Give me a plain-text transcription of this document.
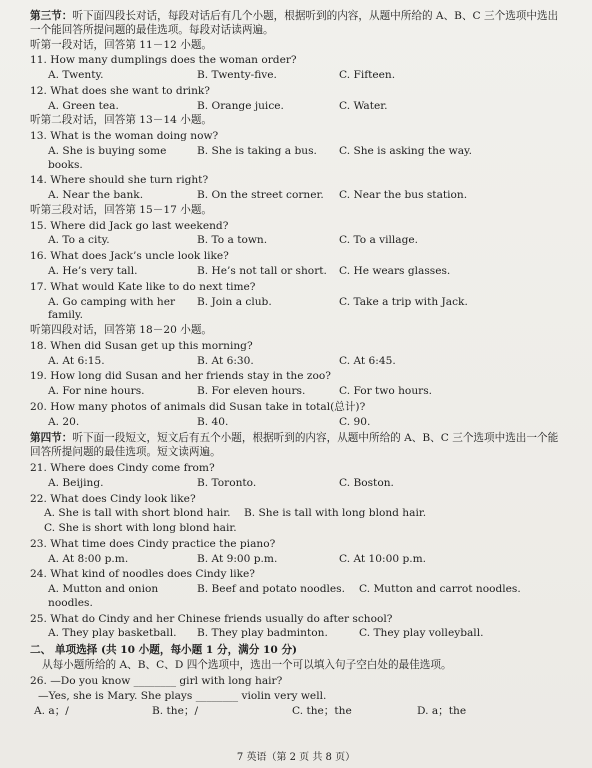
第三节：听下面四段长对话，每段对话后有几个小题，根据听到的内容，从题中所给的 A、B、C 三个选项中选出一个能回答所提问题的最佳选项。每段对话读两遍。

听第一段对话，回答第 11－12 小题。

11. How many dumplings does the woman order?
A. Twenty.	B. Twenty-five.	C. Fifteen.
12. What does she want to drink?
A. Green tea.	B. Orange juice.	C. Water.

听第二段对话，回答第 13－14 小题。

13. What is the woman doing now?
A. She is buying some books.
B. She is taking a bus.	C. She is asking the way.
14. Where should she turn right?
A. Near the bank.	B. On the street corner.	C. Near the bus station.

听第三段对话，回答第 15－17 小题。

15. Where did Jack go last weekend?
A. To a city.	B. To a town.	C. To a village.
16. What does Jack’s uncle look like?
A. He’s very tall.	B. He’s not tall or short.	C. He wears glasses.
17. What would Kate like to do next time?
A. Go camping with her family.
B. Join a club.	C. Take a trip with Jack.

听第四段对话，回答第 18－20 小题。

18. When did Susan get up this morning?
A. At 6:15.	B. At 6:30.	C. At 6:45.
19. How long did Susan and her friends stay in the zoo?
A. For nine hours.	B. For eleven hours.	C. For two hours.
20. How many photos of animals did Susan take in total(总计)?
A. 20.	B. 40.	C. 90.

第四节：听下面一段短文，短文后有五个小题，根据听到的内容，从题中所给的 A、B、C 三个选项中选出一个能回答所提问题的最佳选项。短文读两遍。

21. Where does Cindy come from?
A. Beijing.	B. Toronto.	C. Boston.
22. What does Cindy look like?
A. She is tall with short blond hair.	B. She is tall with long blond hair.
C. She is short with long blond hair.
23. What time does Cindy practice the piano?
A. At 8:00 p.m.	B. At 9:00 p.m.	C. At 10:00 p.m.
24. What kind of noodles does Cindy like?
A. Mutton and onion noodles.
B. Beef and potato noodles.	C. Mutton and carrot noodles.
25. What do Cindy and her Chinese friends usually do after school?
A. They play basketball.	B. They play badminton.	C. They play volleyball.
二、 单项选择 (共 10 小题，每小题 1 分，满分 10 分)
从每小题所给的 A、B、C、D 四个选项中，选出一个可以填入句子空白处的最佳选项。
26. —Do you know ________ girl with long hair?
—Yes, she is Mary. She plays ________ violin very well.
A. a；/	B. the；/	C. the；the	D. a；the
7 英语（第 2 页 共 8 页）
